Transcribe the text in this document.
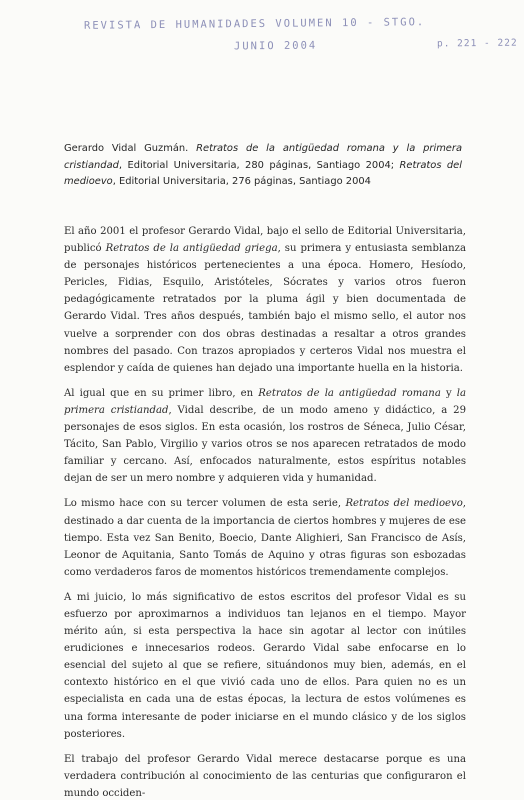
REVISTA DE HUMANIDADES VOLUMEN 10 - STGO.
JUNIO 2004	p. 221 - 222
Gerardo Vidal Guzmán. Retratos de la antigüedad romana y la primera cristiandad, Editorial Universitaria, 280 páginas, Santiago 2004; Retratos del medioevo, Editorial Universitaria, 276 páginas, Santiago 2004

El año 2001 el profesor Gerardo Vidal, bajo el sello de Editorial Universitaria, publicó Retratos de la antigüedad griega, su primera y entusiasta semblanza de personajes históricos pertenecientes a una época. Homero, Hesíodo, Pericles, Fidias, Esquilo, Aristóteles, Sócrates y varios otros fueron pedagógicamente retratados por la pluma ágil y bien documentada de Gerardo Vidal. Tres años después, también bajo el mismo sello, el autor nos vuelve a sorprender con dos obras destinadas a resaltar a otros grandes nombres del pasado. Con trazos apropiados y certeros Vidal nos muestra el esplendor y caída de quienes han dejado una importante huella en la historia.

Al igual que en su primer libro, en Retratos de la antigüedad romana y la primera cristiandad, Vidal describe, de un modo ameno y didáctico, a 29 personajes de esos siglos. En esta ocasión, los rostros de Séneca, Julio César, Tácito, San Pablo, Virgilio y varios otros se nos aparecen retratados de modo familiar y cercano. Así, enfocados naturalmente, estos espíritus notables dejan de ser un mero nombre y adquieren vida y humanidad.

Lo mismo hace con su tercer volumen de esta serie, Retratos del medioevo, destinado a dar cuenta de la importancia de ciertos hombres y mujeres de ese tiempo. Esta vez San Benito, Boecio, Dante Alighieri, San Francisco de Asís, Leonor de Aquitania, Santo Tomás de Aquino y otras figuras son esbozadas como verdaderos faros de momentos históricos tremendamente complejos.

A mi juicio, lo más significativo de estos escritos del profesor Vidal es su esfuerzo por aproximarnos a individuos tan lejanos en el tiempo. Mayor mérito aún, si esta perspectiva la hace sin agotar al lector con inútiles erudiciones e innecesarios rodeos. Gerardo Vidal sabe enfocarse en lo esencial del sujeto al que se refiere, situándonos muy bien, además, en el contexto histórico en el que vivió cada uno de ellos. Para quien no es un especialista en cada una de estas épocas, la lectura de estos volúmenes es una forma interesante de poder iniciarse en el mundo clásico y de los siglos posteriores.

El trabajo del profesor Gerardo Vidal merece destacarse porque es una verdadera contribución al conocimiento de las centurias que configuraron el mundo occiden-
